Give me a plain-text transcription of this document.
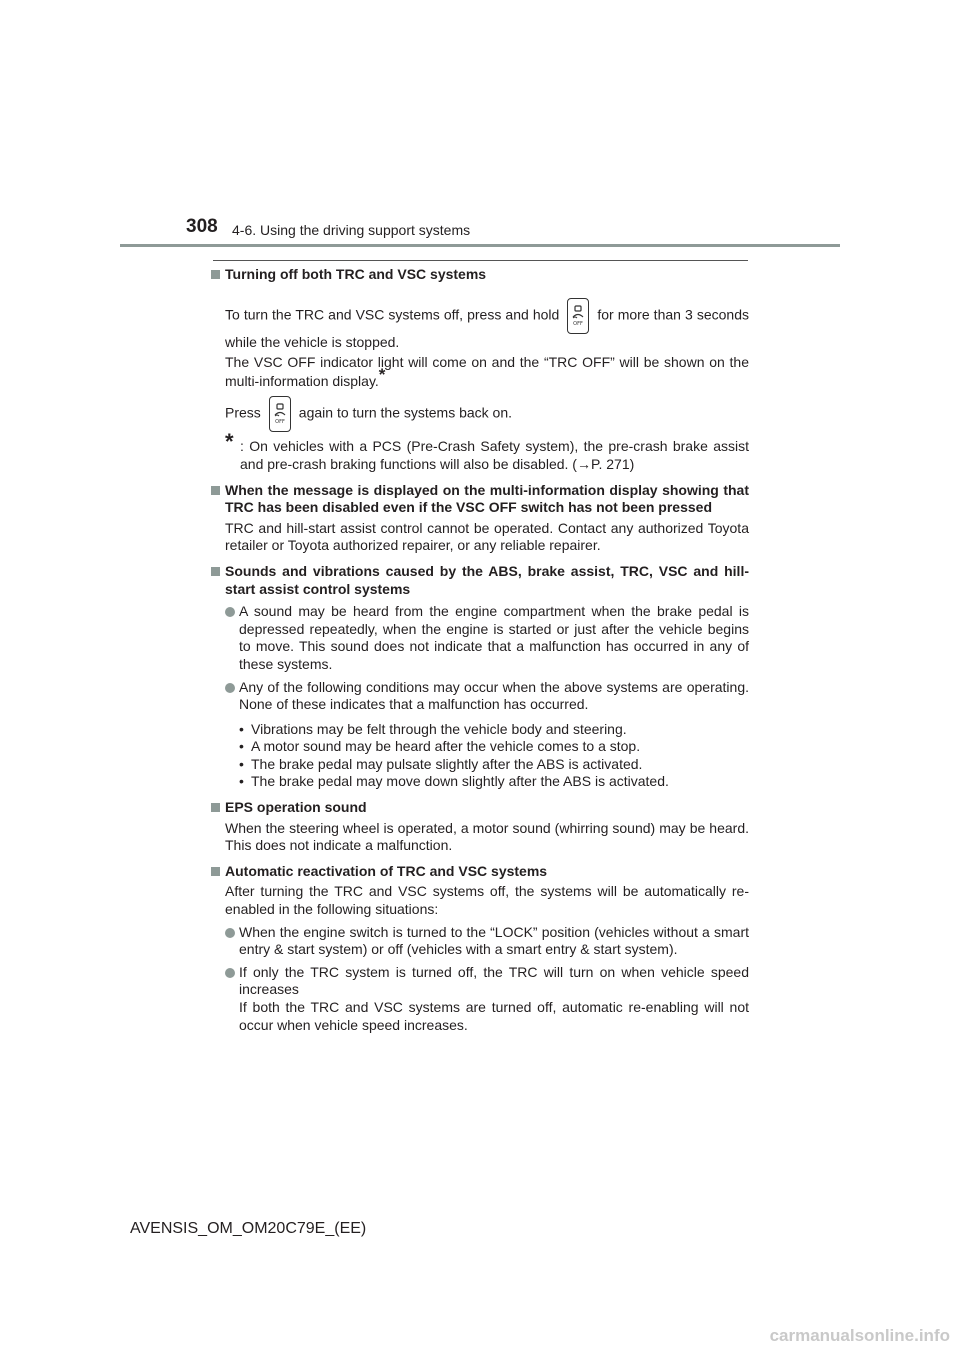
308 4-6. Using the driving support systems
Turning off both TRC and VSC systems
To turn the TRC and VSC systems off, press and hold
OFF
for more than 3 seconds while the vehicle is stopped.
The VSC OFF indicator light will come on and the “TRC OFF” will be shown on the multi-information display.*
Press
OFF
again to turn the systems back on.
* : On vehicles with a PCS (Pre-Crash Safety system), the pre-crash brake assist and pre-crash braking functions will also be disabled. (→P. 271)
When the message is displayed on the multi-information display showing that TRC has been disabled even if the VSC OFF switch has not been pressed
TRC and hill-start assist control cannot be operated. Contact any authorized Toyota retailer or Toyota authorized repairer, or any reliable repairer.
Sounds and vibrations caused by the ABS, brake assist, TRC, VSC and hill-start assist control systems
A sound may be heard from the engine compartment when the brake pedal is depressed repeatedly, when the engine is started or just after the vehicle begins to move. This sound does not indicate that a malfunction has occurred in any of these systems.
Any of the following conditions may occur when the above systems are operating. None of these indicates that a malfunction has occurred.
• Vibrations may be felt through the vehicle body and steering.
• A motor sound may be heard after the vehicle comes to a stop.
• The brake pedal may pulsate slightly after the ABS is activated.
• The brake pedal may move down slightly after the ABS is activated.
EPS operation sound
When the steering wheel is operated, a motor sound (whirring sound) may be heard. This does not indicate a malfunction.
Automatic reactivation of TRC and VSC systems
After turning the TRC and VSC systems off, the systems will be automatically re-enabled in the following situations:
When the engine switch is turned to the “LOCK” position (vehicles without a smart entry & start system) or off (vehicles with a smart entry & start system).
If only the TRC system is turned off, the TRC will turn on when vehicle speed increases
If both the TRC and VSC systems are turned off, automatic re-enabling will not occur when vehicle speed increases.
AVENSIS_OM_OM20C79E_(EE)
carmanualsonline.info
